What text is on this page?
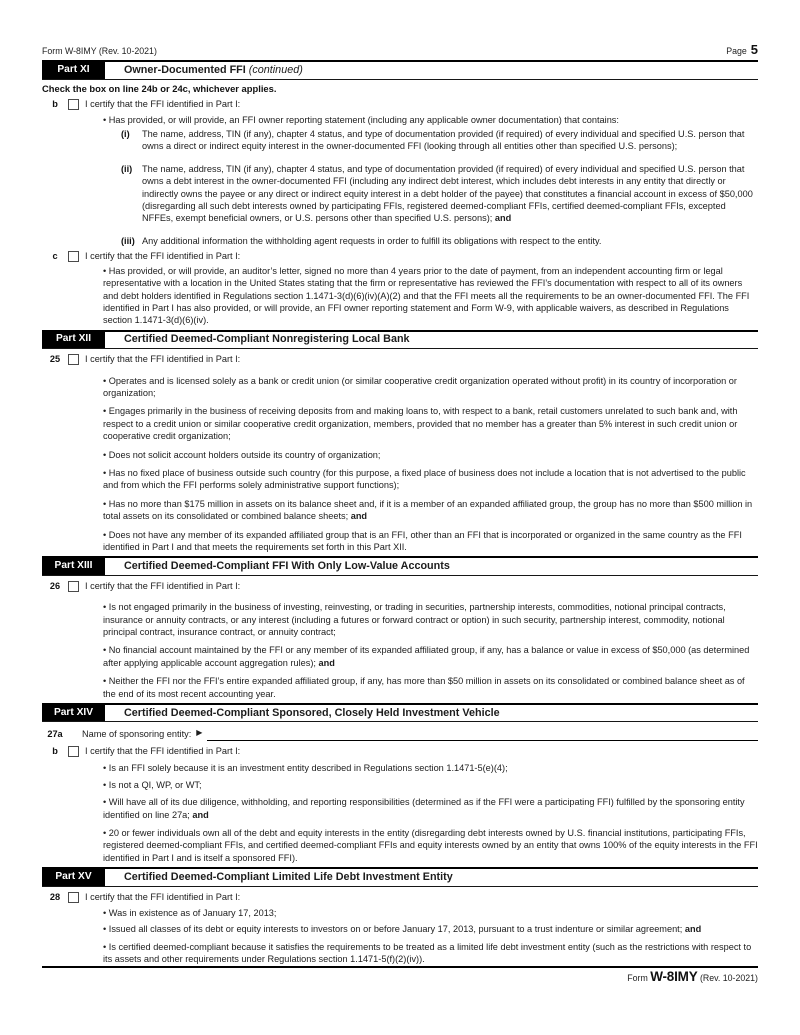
Form W-8IMY (Rev. 10-2021)	Page 5
Part XI	Owner-Documented FFI (continued)

Check the box on line 24b or 24c, whichever applies.

b	I certify that the FFI identified in Part I:

• Has provided, or will provide, an FFI owner reporting statement (including any applicable owner documentation) that contains:

(i)	The name, address, TIN (if any), chapter 4 status, and type of documentation provided (if required) of every individual and specified U.S. person that owns a direct or indirect equity interest in the owner-documented FFI (looking through all entities other than specified U.S. persons);
(ii)	The name, address, TIN (if any), chapter 4 status, and type of documentation provided (if required) of every individual and specified U.S. person that owns a debt interest in the owner-documented FFI (including any indirect debt interest, which includes debt interests in any entity that directly or indirectly owns the payee or any direct or indirect equity interest in a debt holder of the payee) that constitutes a financial account in excess of $50,000 (disregarding all such debt interests owned by participating FFIs, registered deemed-compliant FFIs, certified deemed-compliant FFIs, excepted NFFEs, exempt beneficial owners, or U.S. persons other than specified U.S. persons); and
(iii) Any additional information the withholding agent requests in order to fulfill its obligations with respect to the entity.
c	I certify that the FFI identified in Part I:

• Has provided, or will provide, an auditor’s letter, signed no more than 4 years prior to the date of payment, from an independent accounting firm or legal representative with a location in the United States stating that the firm or representative has reviewed the FFI’s documentation with respect to all of its owners and debt holders identified in Regulations section 1.1471-3(d)(6)(iv)(A)(2) and that the FFI meets all the requirements to be an owner-documented FFI. The FFI identified in Part I has also provided, or will provide, an FFI owner reporting statement and Form W-9, with applicable waivers, as described in Regulations section 1.1471-3(d)(6)(iv).

Part XII	Certified Deemed-Compliant Nonregistering Local Bank
25	I certify that the FFI identified in Part I:

• Operates and is licensed solely as a bank or credit union (or similar cooperative credit organization operated without profit) in its country of incorporation or organization;

• Engages primarily in the business of receiving deposits from and making loans to, with respect to a bank, retail customers unrelated to such bank and, with respect to a credit union or similar cooperative credit organization, members, provided that no member has a greater than 5% interest in such credit union or cooperative credit organization;

• Does not solicit account holders outside its country of organization;

• Has no fixed place of business outside such country (for this purpose, a fixed place of business does not include a location that is not advertised to the public and from which the FFI performs solely administrative support functions);

• Has no more than $175 million in assets on its balance sheet and, if it is a member of an expanded affiliated group, the group has no more than $500 million in total assets on its consolidated or combined balance sheets; and

• Does not have any member of its expanded affiliated group that is an FFI, other than an FFI that is incorporated or organized in the same country as the FFI identified in Part I and that meets the requirements set forth in this Part XII.

Part XIII	Certified Deemed-Compliant FFI With Only Low-Value Accounts
26	I certify that the FFI identified in Part I:

• Is not engaged primarily in the business of investing, reinvesting, or trading in securities, partnership interests, commodities, notional principal contracts, insurance or annuity contracts, or any interest (including a futures or forward contract or option) in such security, partnership interest, commodity, notional principal contract, insurance contract, or annuity contract;

• No financial account maintained by the FFI or any member of its expanded affiliated group, if any, has a balance or value in excess of $50,000 (as determined after applying applicable account aggregation rules); and

• Neither the FFI nor the FFI’s entire expanded affiliated group, if any, has more than $50 million in assets on its consolidated or combined balance sheet as of the end of its most recent accounting year.

Part XIV	Certified Deemed-Compliant Sponsored, Closely Held Investment Vehicle
27a	Name of sponsoring entity: ▶
b	I certify that the FFI identified in Part I:

• Is an FFI solely because it is an investment entity described in Regulations section 1.1471-5(e)(4);

• Is not a QI, WP, or WT;

• Will have all of its due diligence, withholding, and reporting responsibilities (determined as if the FFI were a participating FFI) fulfilled by the sponsoring entity identified on line 27a; and

• 20 or fewer individuals own all of the debt and equity interests in the entity (disregarding debt interests owned by U.S. financial institutions, participating FFIs, registered deemed-compliant FFIs, and certified deemed-compliant FFIs and equity interests owned by an entity that owns 100% of the equity interests in the FFI identified in Part I and is itself a sponsored FFI).

Part XV	Certified Deemed-Compliant Limited Life Debt Investment Entity
28	I certify that the FFI identified in Part I:

• Was in existence as of January 17, 2013;

• Issued all classes of its debt or equity interests to investors on or before January 17, 2013, pursuant to a trust indenture or similar agreement; and

• Is certified deemed-compliant because it satisfies the requirements to be treated as a limited life debt investment entity (such as the restrictions with respect to its assets and other requirements under Regulations section 1.1471-5(f)(2)(iv)).

Form W-8IMY (Rev. 10-2021)
